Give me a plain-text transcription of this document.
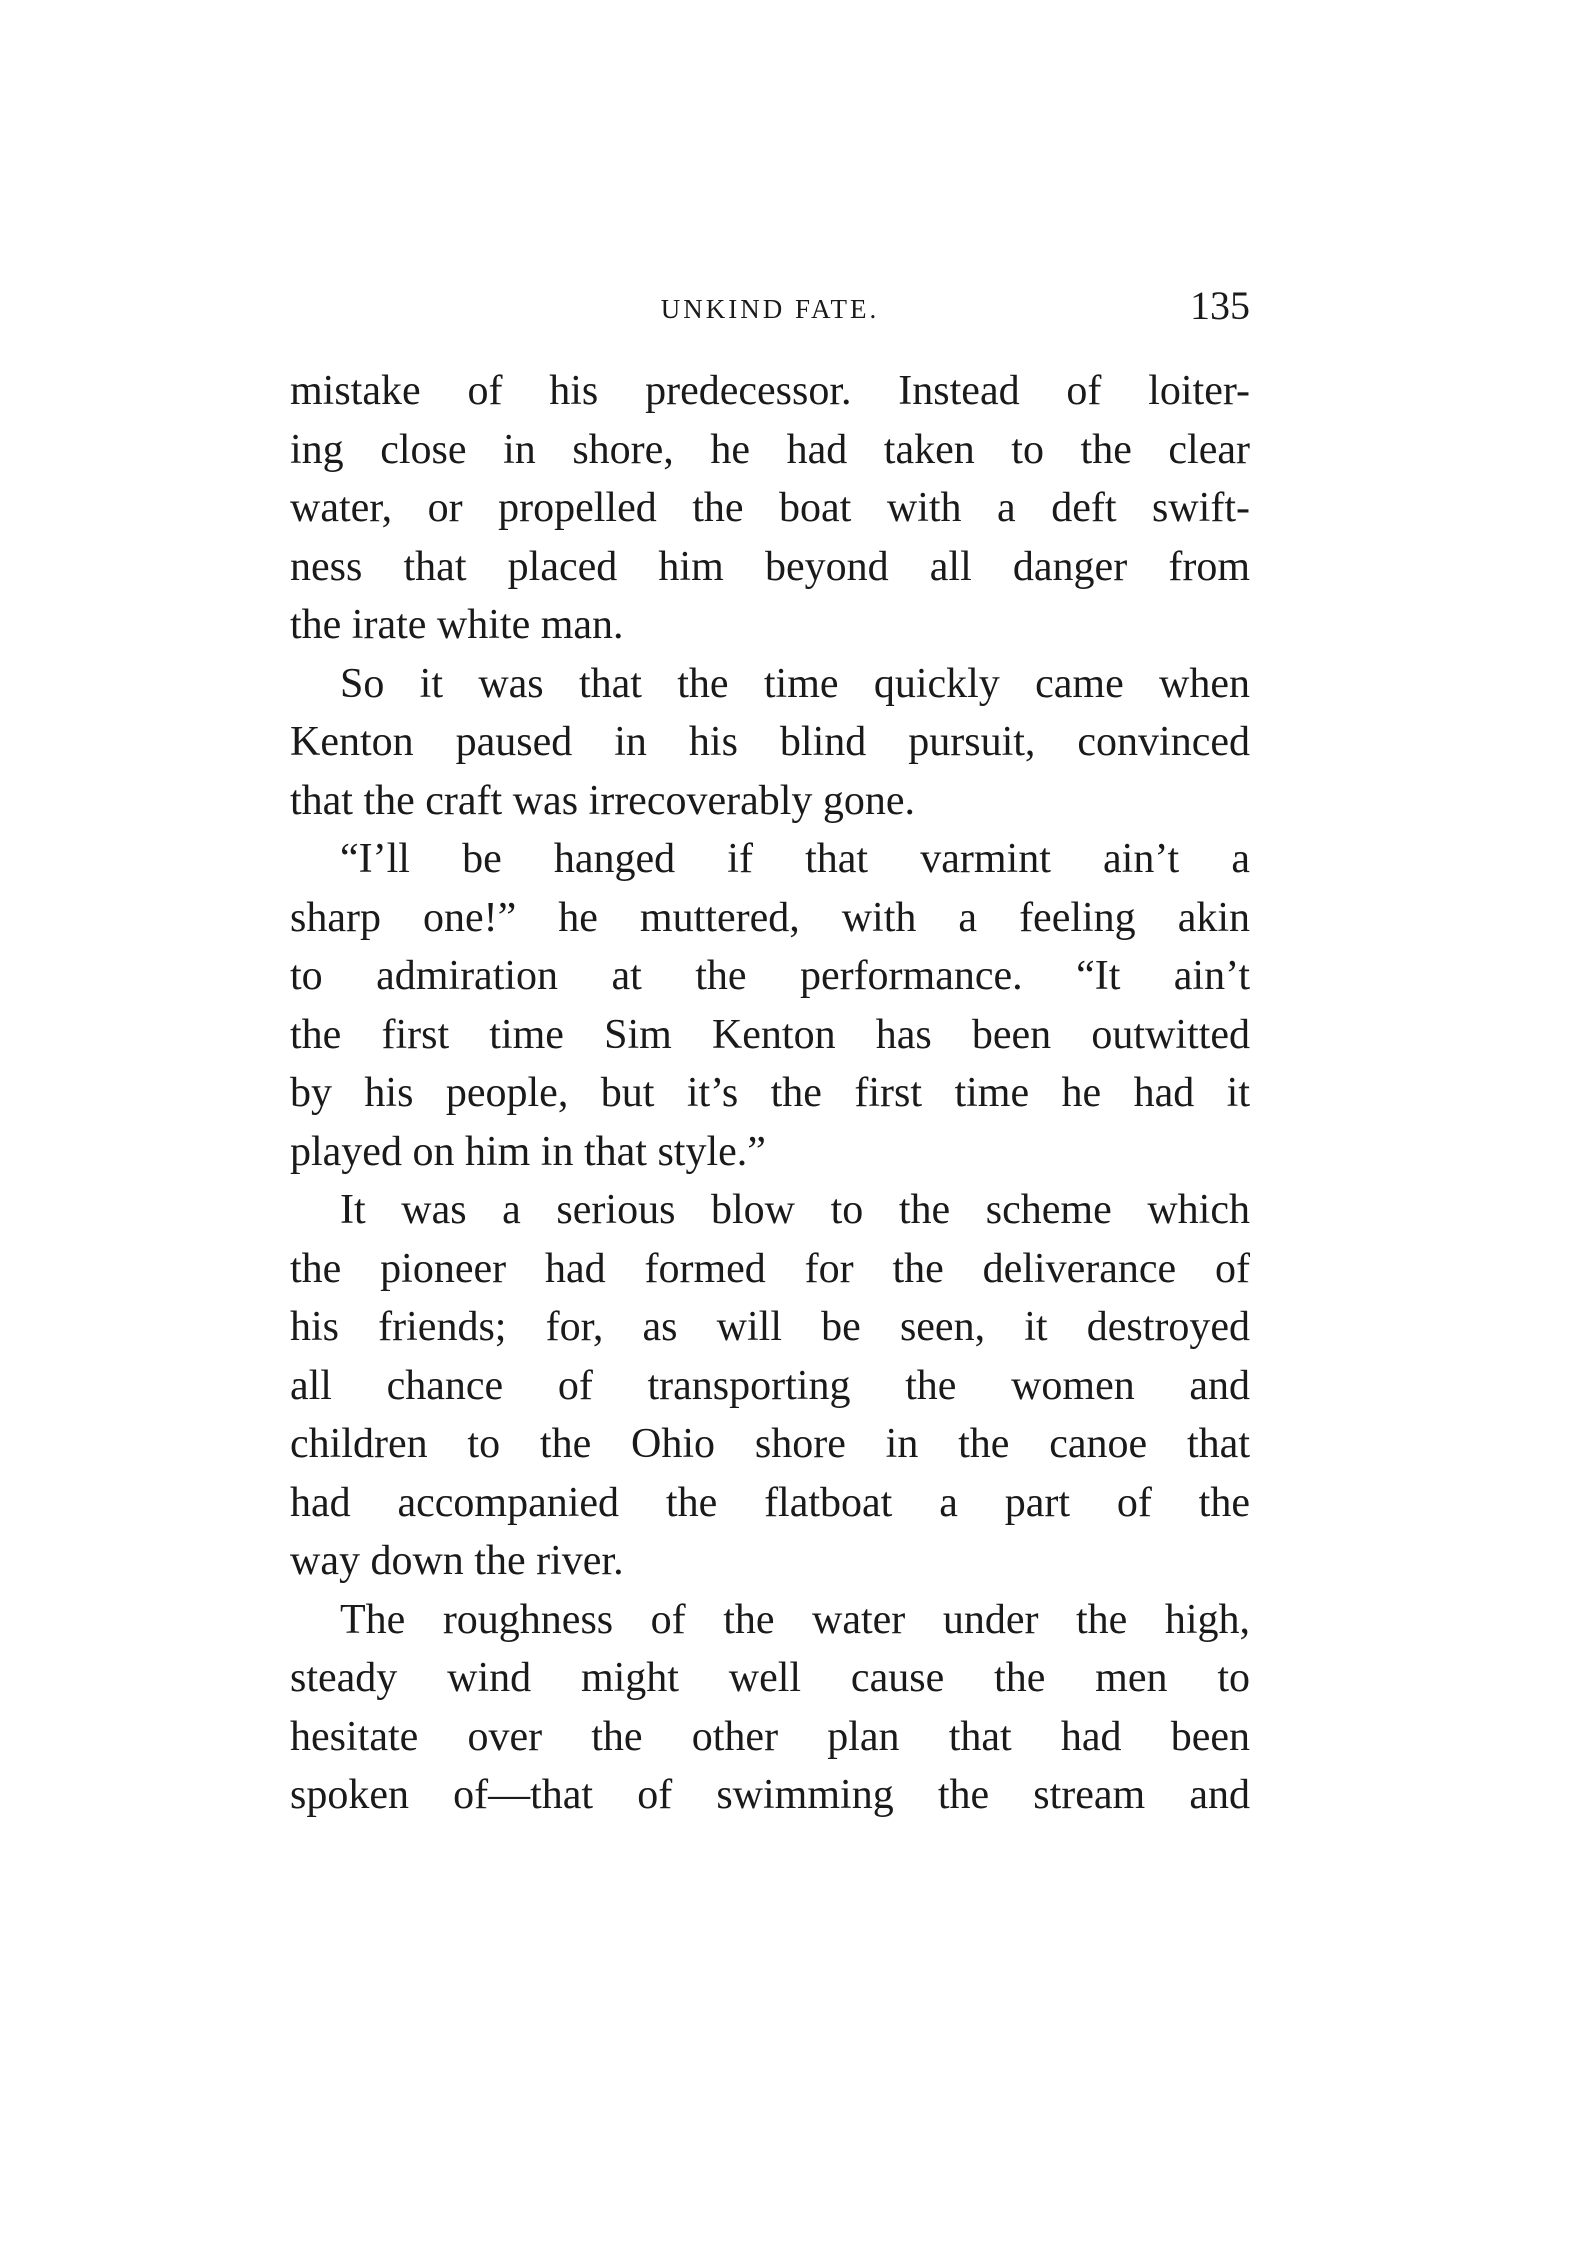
UNKIND FATE.	135
mistake of his predecessor. Instead of loiter-
ing close in shore, he had taken to the clear
water, or propelled the boat with a deft swift-
ness that placed him beyond all danger from
the irate white man.
So it was that the time quickly came when
Kenton paused in his blind pursuit, convinced
that the craft was irrecoverably gone.
“I’ll be hanged if that varmint ain’t a
sharp one!” he muttered, with a feeling akin
to admiration at the performance. “It ain’t
the first time Sim Kenton has been outwitted
by his people, but it’s the first time he had it
played on him in that style.”
It was a serious blow to the scheme which
the pioneer had formed for the deliverance of
his friends; for, as will be seen, it destroyed
all chance of transporting the women and
children to the Ohio shore in the canoe that
had accompanied the flatboat a part of the
way down the river.
The roughness of the water under the high,
steady wind might well cause the men to
hesitate over the other plan that had been
spoken of—that of swimming the stream and
